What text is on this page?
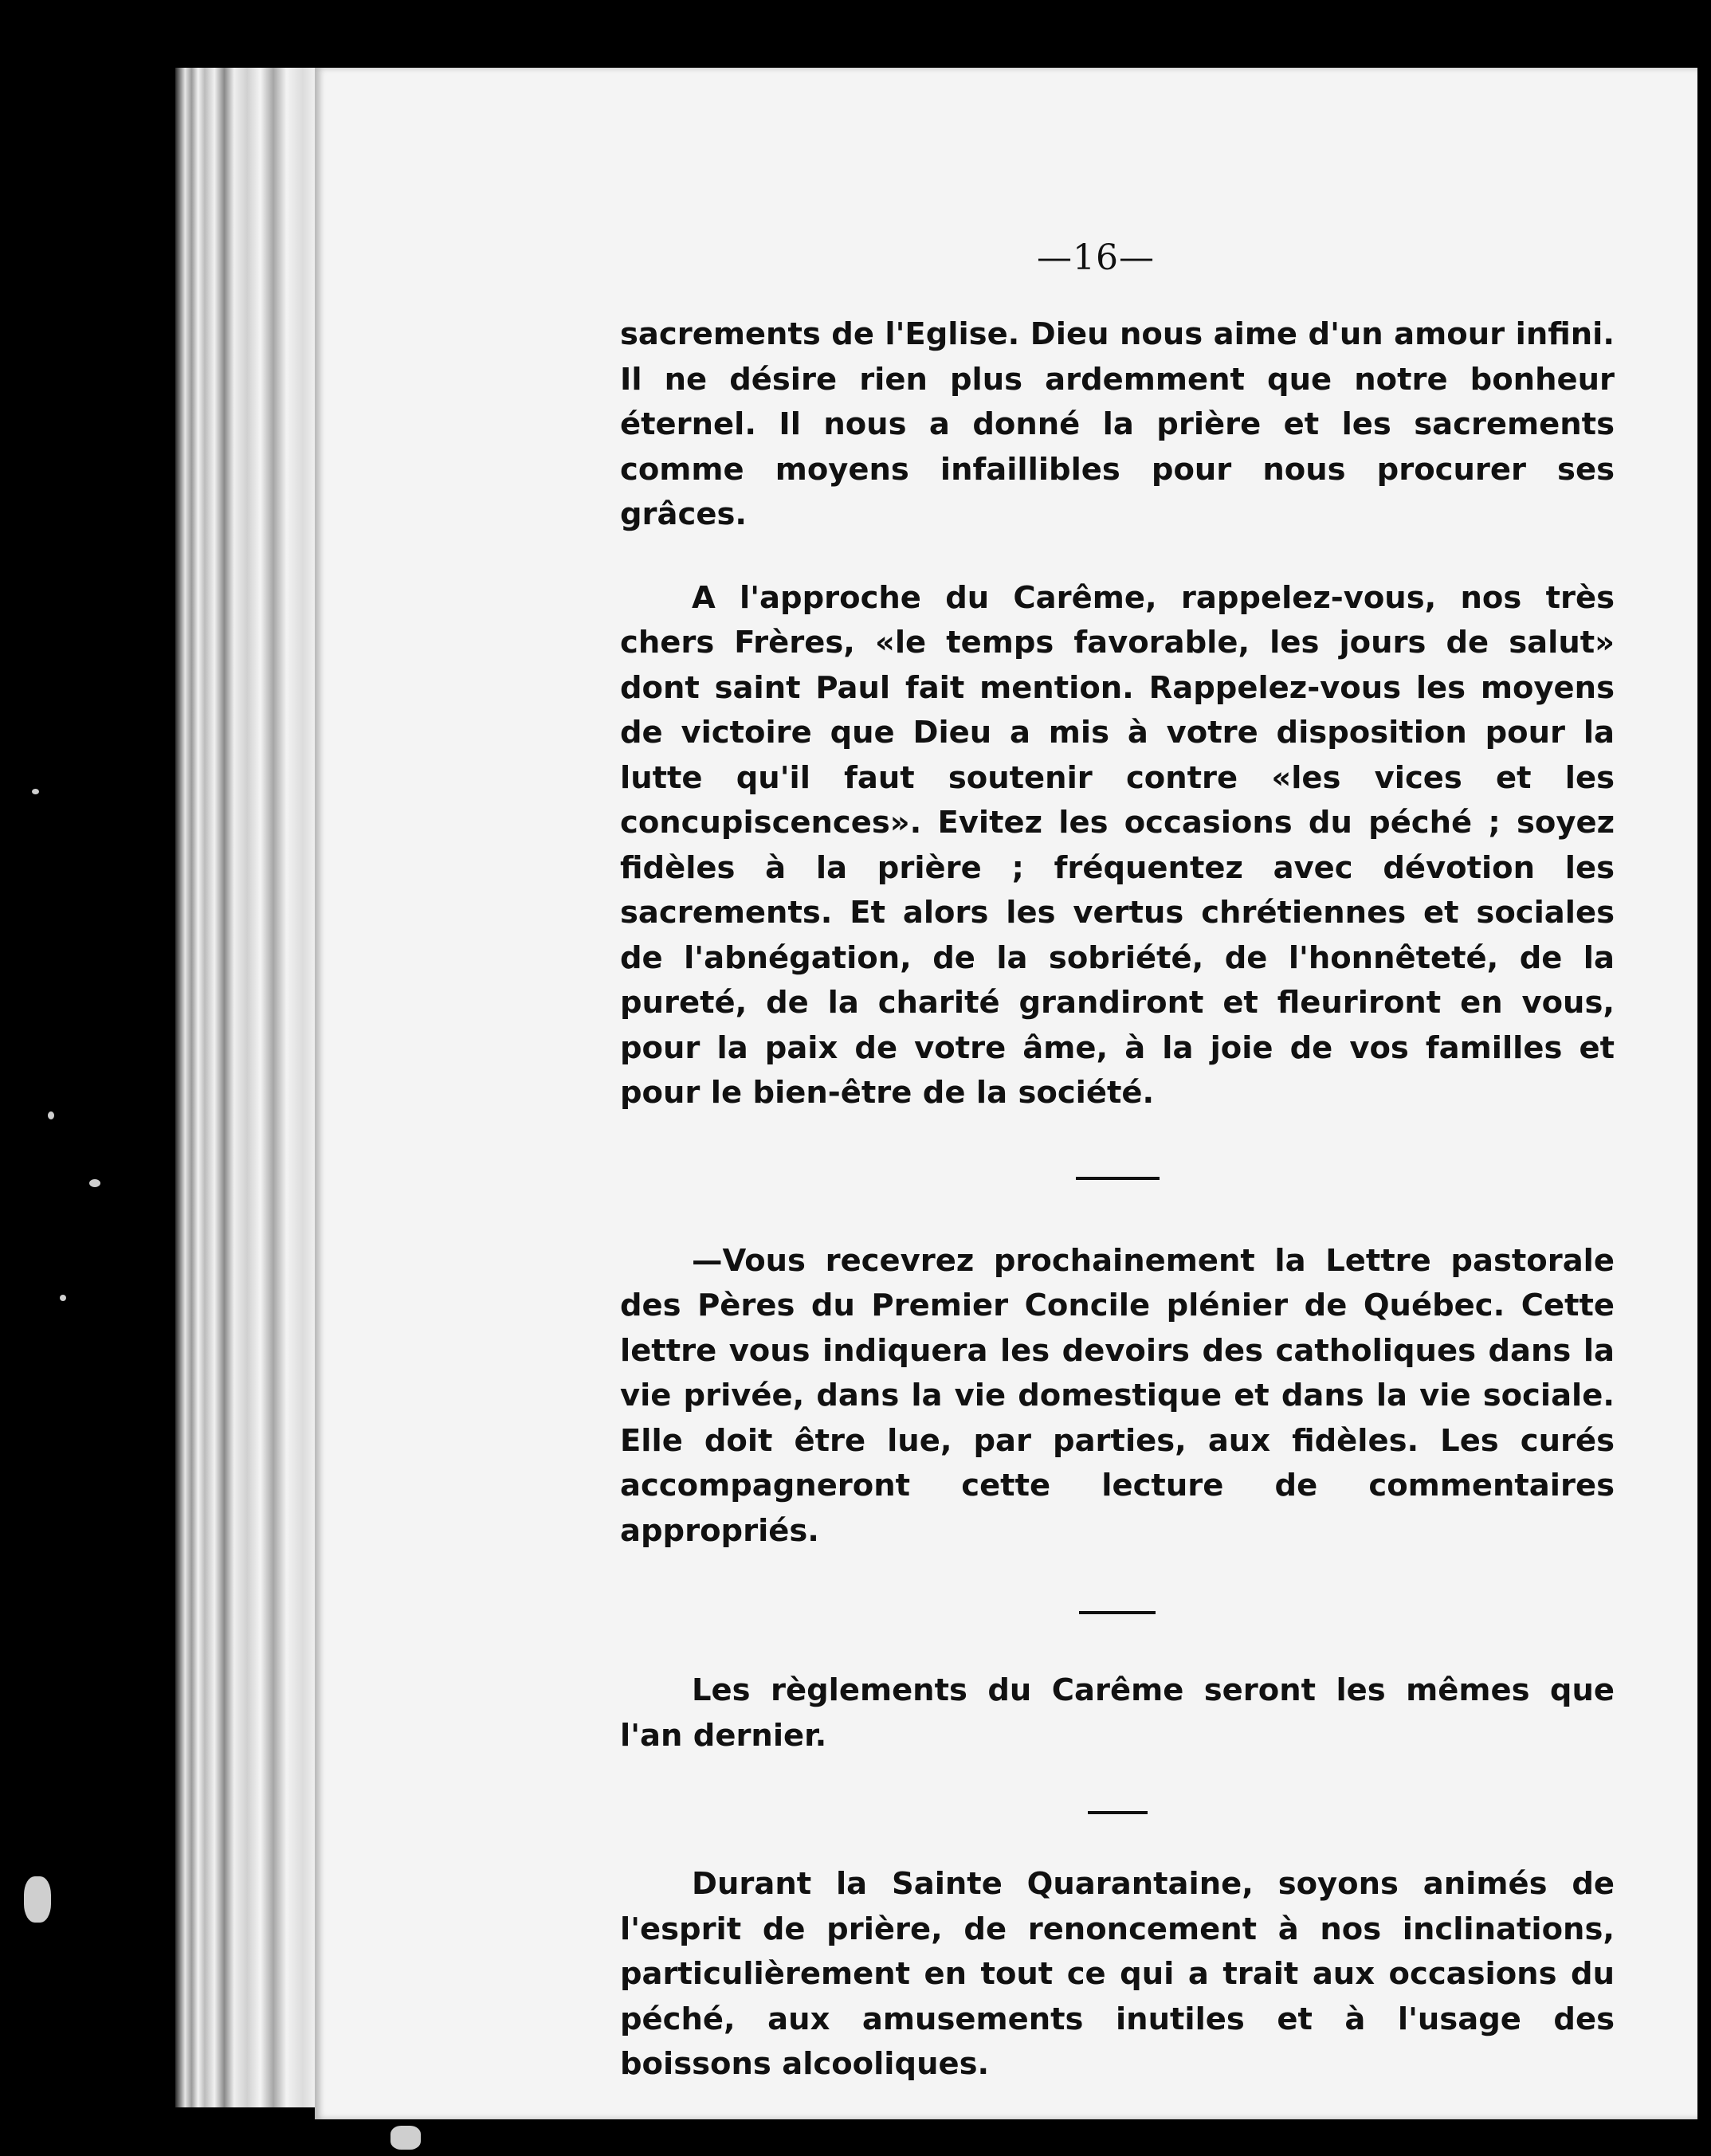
—16—

sacrements de l'Eglise. Dieu nous aime d'un amour infini. Il ne désire rien plus ardemment que notre bonheur éternel. Il nous a donné la prière et les sacrements comme moyens infaillibles pour nous procurer ses grâces.

A l'approche du Carême, rappelez-vous, nos très chers Frères, «le temps favorable, les jours de salut» dont saint Paul fait mention. Rappelez-vous les moyens de victoire que Dieu a mis à votre disposition pour la lutte qu'il faut soutenir contre «les vices et les concupiscences». Evitez les occasions du péché ; soyez fidèles à la prière ; fréquentez avec dévotion les sacrements. Et alors les vertus chrétiennes et sociales de l'abnégation, de la sobriété, de l'honnêteté, de la pureté, de la charité grandiront et fleuriront en vous, pour la paix de votre âme, à la joie de vos familles et pour le bien-être de la société.

—Vous recevrez prochainement la Lettre pastorale des Pères du Premier Concile plénier de Québec. Cette lettre vous indiquera les devoirs des catholiques dans la vie privée, dans la vie domestique et dans la vie sociale. Elle doit être lue, par parties, aux fidèles. Les curés accompagneront cette lecture de commentaires appropriés.

Les règlements du Carême seront les mêmes que l'an dernier.

Durant la Sainte Quarantaine, soyons animés de l'esprit de prière, de renoncement à nos inclinations, particulièrement en tout ce qui a trait aux occasions du péché, aux amusements inutiles et à l'usage des boissons alcooliques.
